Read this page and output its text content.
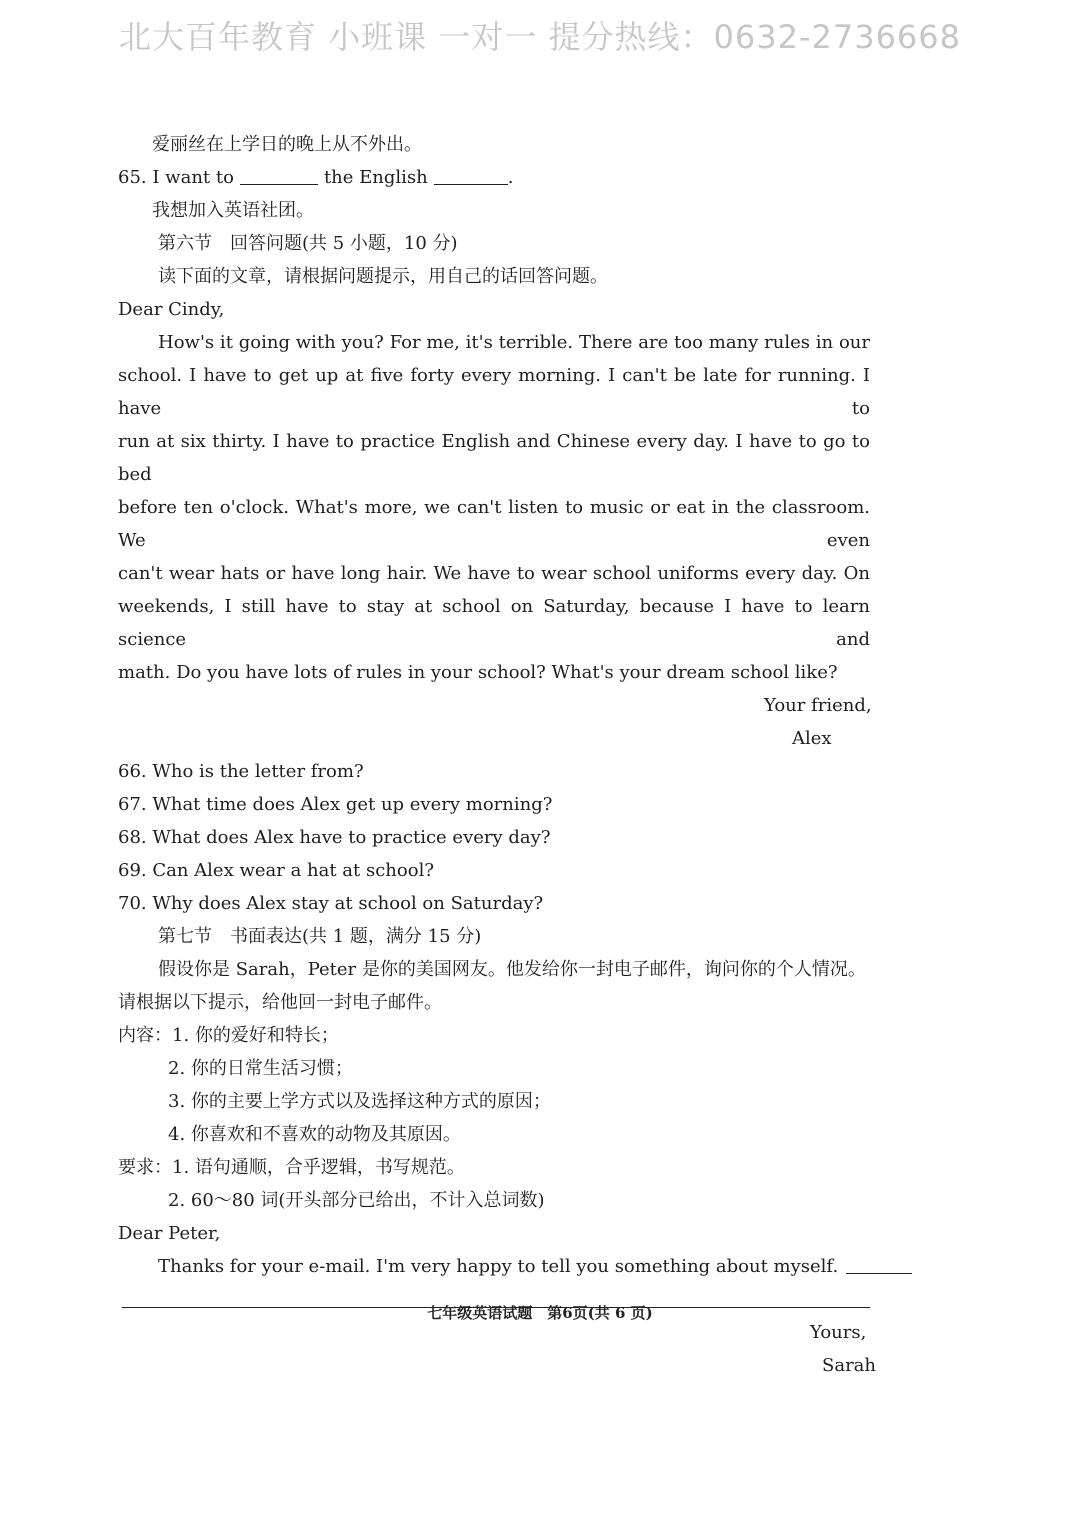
北大百年教育 小班课 一对一 提分热线：0632-2736668
爱丽丝在上学日的晚上从不外出。
65. I want to	the English	.
我想加入英语社团。
第六节　回答问题(共 5 小题，10 分)
读下面的文章，请根据问题提示，用自己的话回答问题。
Dear Cindy,
How's it going with you? For me, it's terrible. There are too many rules in our
school. I have to get up at five forty every morning. I can't be late for running. I have to
run at six thirty. I have to practice English and Chinese every day. I have to go to bed
before ten o'clock. What's more, we can't listen to music or eat in the classroom. We even
can't wear hats or have long hair. We have to wear school uniforms every day. On
weekends, I still have to stay at school on Saturday, because I have to learn science and
math. Do you have lots of rules in your school? What's your dream school like?
Your friend,
Alex
66. Who is the letter from?
67. What time does Alex get up every morning?
68. What does Alex have to practice every day?
69. Can Alex wear a hat at school?
70. Why does Alex stay at school on Saturday?
第七节　书面表达(共 1 题，满分 15 分)
假设你是 Sarah，Peter 是你的美国网友。他发给你一封电子邮件，询问你的个人情况。
请根据以下提示，给他回一封电子邮件。
内容：1. 你的爱好和特长；
2. 你的日常生活习惯；
3. 你的主要上学方式以及选择这种方式的原因；
4. 你喜欢和不喜欢的动物及其原因。
要求：1. 语句通顺，合乎逻辑，书写规范。
2. 60～80 词(开头部分已给出，不计入总词数)
Dear Peter,
Thanks for your e-mail. I'm very happy to tell you something about myself.
Yours,
Sarah
七年级英语试题　第6页(共 6 页)
